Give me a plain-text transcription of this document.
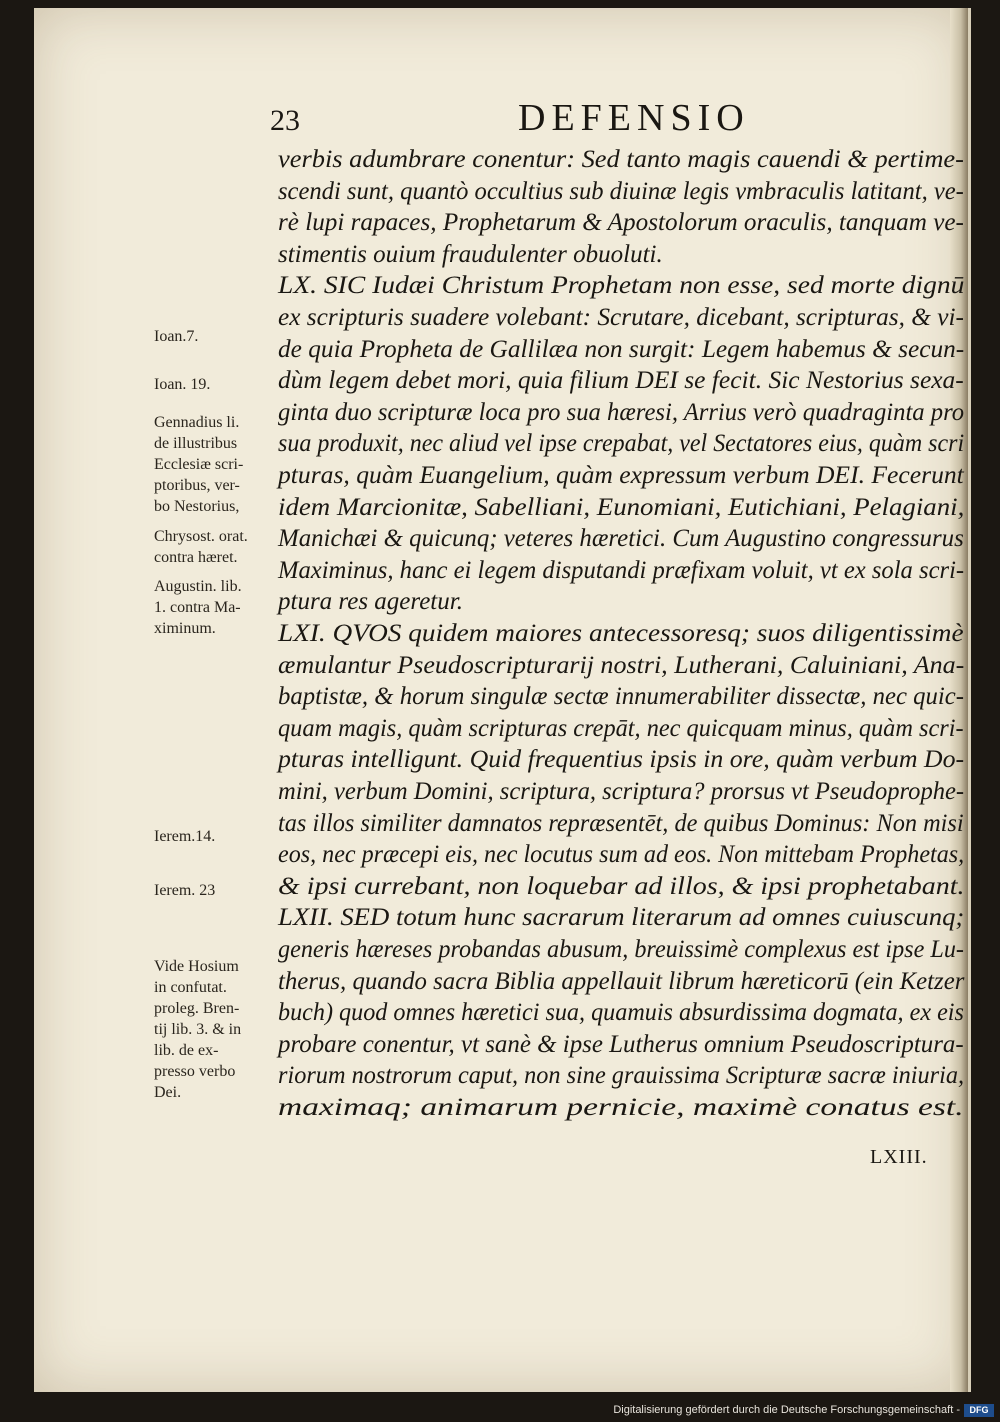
23	DEFENSIO
verbis adumbrare conentur: Sed tanto magis cauendi & pertime-
scendi sunt, quantò occultius sub diuinæ legis vmbraculis latitant, ve-
rè lupi rapaces, Prophetarum & Apostolorum oraculis, tanquam ve-
stimentis ouium fraudulenter obuoluti.
LX. SIC Iudæi Christum Prophetam non esse, sed morte dignū
ex scripturis suadere volebant: Scrutare, dicebant, scripturas, & vi-
de quia Propheta de Gallilæa non surgit: Legem habemus & secun-
dùm legem debet mori, quia filium DEI se fecit. Sic Nestorius sexa-
ginta duo scripturæ loca pro sua hæresi, Arrius verò quadraginta pro
sua produxit, nec aliud vel ipse crepabat, vel Sectatores eius, quàm scri
pturas, quàm Euangelium, quàm expressum verbum DEI. Fecerunt
idem Marcionitæ, Sabelliani, Eunomiani, Eutichiani, Pelagiani,
Manichæi & quicunq; veteres hæretici. Cum Augustino congressurus
Maximinus, hanc ei legem disputandi præfixam voluit, vt ex sola scri-
ptura res ageretur.
LXI. QVOS quidem maiores antecessoresq; suos diligentissimè
æmulantur Pseudoscripturarij nostri, Lutherani, Caluiniani, Ana-
baptistæ, & horum singulæ sectæ innumerabiliter dissectæ, nec quic-
quam magis, quàm scripturas crepāt, nec quicquam minus, quàm scri-
pturas intelligunt. Quid frequentius ipsis in ore, quàm verbum Do-
mini, verbum Domini, scriptura, scriptura? prorsus vt Pseudoprophe-
tas illos similiter damnatos repræsentēt, de quibus Dominus: Non misi
eos, nec præcepi eis, nec locutus sum ad eos. Non mittebam Prophetas,
& ipsi currebant, non loquebar ad illos, & ipsi prophetabant.
LXII. SED totum hunc sacrarum literarum ad omnes cuiuscunq;
generis hæreses probandas abusum, breuissimè complexus est ipse Lu-
therus, quando sacra Biblia appellauit librum hæreticorū (ein Ketzer
buch) quod omnes hæretici sua, quamuis absurdissima dogmata, ex eis
probare conentur, vt sanè & ipse Lutherus omnium Pseudoscriptura-
riorum nostrorum caput, non sine grauissima Scripturæ sacræ iniuria,
maximaq; animarum pernicie, maximè conatus est.
Ioan.7.
Ioan. 19.
Gennadius li.
de illustribus
Ecclesiæ scri-
ptoribus, ver-
bo Nestorius,
Chrysost. orat.
contra hæret.
Augustin. lib.
1. contra Ma-
ximinum.
Ierem.14.
Ierem. 23
Vide Hosium
in confutat.
proleg. Bren-
tij lib. 3. & in
lib. de ex-
presso verbo
Dei.
LXIII.
Digitalisierung gefördert durch die Deutsche Forschungsgemeinschaft -	DFG
